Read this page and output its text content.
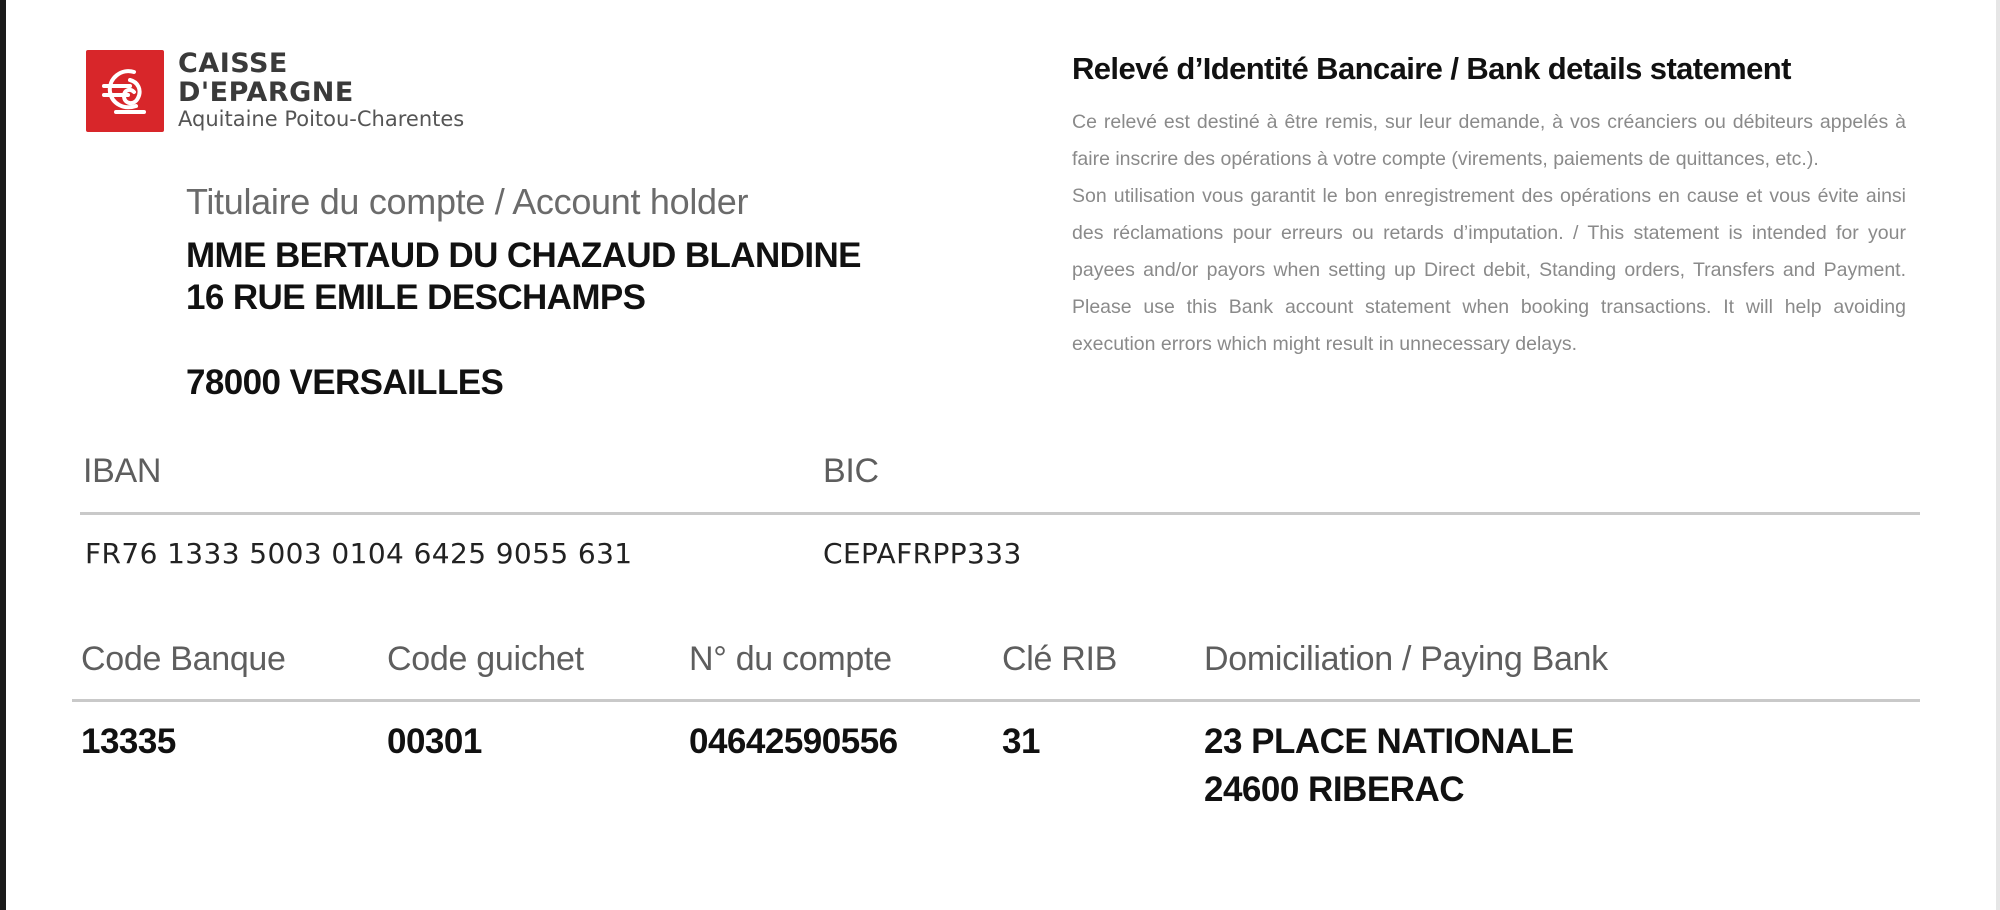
CAISSE
D'EPARGNE
Aquitaine Poitou-Charentes
Titulaire du compte / Account holder
MME BERTAUD DU CHAZAUD BLANDINE
16 RUE EMILE DESCHAMPS
78000 VERSAILLES
Relevé d’Identité Bancaire / Bank details statement

Ce relevé est destiné à être remis, sur leur demande, à vos créanciers ou débiteurs appelés à faire inscrire des opérations à votre compte (virements, paiements de quittances, etc.).

Son utilisation vous garantit le bon enregistrement des opérations en cause et vous évite ainsi des réclamations pour erreurs ou retards d’imputation. / This statement is intended for your payees and/or payors when setting up Direct debit, Standing orders, Transfers and Payment. Please use this Bank account statement when booking transactions. It will help avoiding execution errors which might result in unnecessary delays.

IBAN	BIC
FR76 1333 5003 0104 6425 9055 631	CEPAFRPP333
Code Banque	Code guichet	N° du compte	Clé RIB	Domiciliation / Paying Bank
13335	00301	04642590556	31	23 PLACE NATIONALE
24600 RIBERAC
